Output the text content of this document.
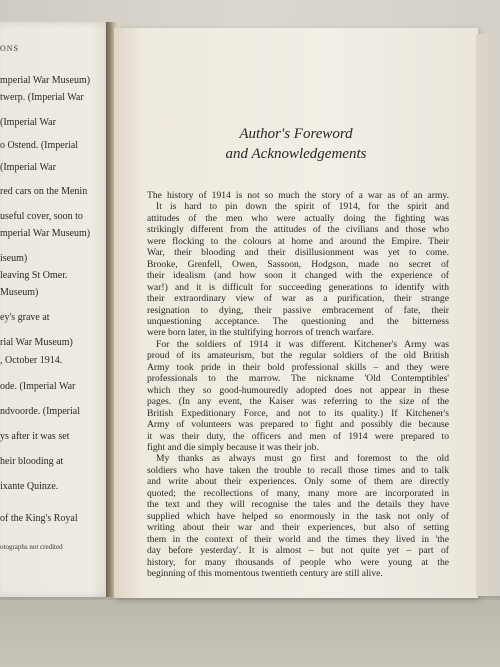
ONS
mperial War Museum)
twerp. (Imperial War
(Imperial War
o Ostend. (Imperial
(Imperial War
red cars on the Menin
useful cover, soon to
mperial War Museum)
iseum)
leaving St Omer.
Museum)
ey's grave at
rial War Museum)
, October 1914.
ode. (Imperial War
ndvoorde. (Imperial
ys after it was set
heir blooding at
ixante Quinze.
of the King's Royal
otographs not credited
Author's Foreword
and Acknowledgements

The history of 1914 is not so much the story of a war as of an army.

It is hard to pin down the spirit of 1914, for the spirit and

attitudes of the men who were actually doing the fighting was

strikingly different from the attitudes of the civilians and those who

were flocking to the colours at home and around the Empire. Their

War, their blooding and their disillusionment was yet to come.

Brooke, Grenfell, Owen, Sassoon, Hodgson, made no secret of

their idealism (and how soon it changed with the experience of

war!) and it is difficult for succeeding generations to identify with

their extraordinary view of war as a purification, their strange

resignation to dying, their passive embracement of fate, their

unquestioning acceptance. The questioning and the bitterness

were born later, in the stultifying horrors of trench warfare.

For the soldiers of 1914 it was different. Kitchener's Army was

proud of its amateurism, but the regular soldiers of the old British

Army took pride in their bold professional skills – and they were

professionals to the marrow. The nickname 'Old Contemptibles'

which they so good-humouredly adopted does not appear in these

pages. (In any event, the Kaiser was referring to the size of the

British Expeditionary Force, and not to its quality.) If Kitchener's

Army of volunteers was prepared to fight and possibly die because

it was their duty, the officers and men of 1914 were prepared to

fight and die simply because it was their job.

My thanks as always must go first and foremost to the old

soldiers who have taken the trouble to recall those times and to talk

and write about their experiences. Only some of them are directly

quoted; the recollections of many, many more are incorporated in

the text and they will recognise the tales and the details they have

supplied which have helped so enormously in the task not only of

writing about their war and their experiences, but also of setting

them in the context of their world and the times they lived in 'the

day before yesterday'. It is almost – but not quite yet – part of

history, for many thousands of people who were young at the

beginning of this momentous twentieth century are still alive.
